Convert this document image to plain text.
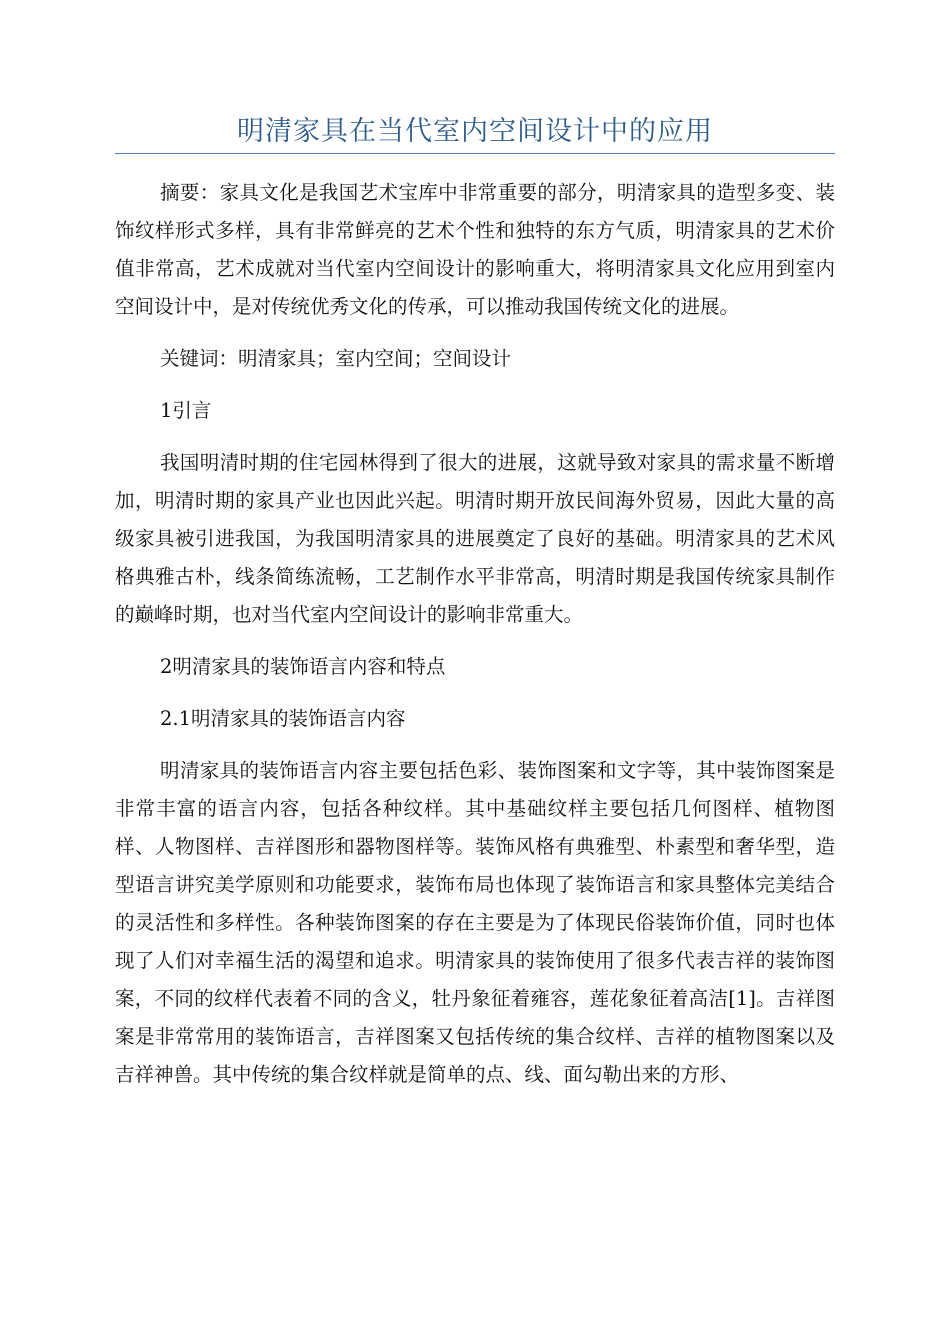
明清家具在当代室内空间设计中的应用

摘要：家具文化是我国艺术宝库中非常重要的部分，明清家具的造型多变、装饰纹样形式多样，具有非常鲜亮的艺术个性和独特的东方气质，明清家具的艺术价值非常高，艺术成就对当代室内空间设计的影响重大，将明清家具文化应用到室内空间设计中，是对传统优秀文化的传承，可以推动我国传统文化的进展。

关键词：明清家具；室内空间；空间设计

1引言

我国明清时期的住宅园林得到了很大的进展，这就导致对家具的需求量不断增加，明清时期的家具产业也因此兴起。明清时期开放民间海外贸易，因此大量的高级家具被引进我国，为我国明清家具的进展奠定了良好的基础。明清家具的艺术风格典雅古朴，线条简练流畅，工艺制作水平非常高，明清时期是我国传统家具制作的巅峰时期，也对当代室内空间设计的影响非常重大。

2明清家具的装饰语言内容和特点

2.1明清家具的装饰语言内容

明清家具的装饰语言内容主要包括色彩、装饰图案和文字等，其中装饰图案是非常丰富的语言内容，包括各种纹样。其中基础纹样主要包括几何图样、植物图样、人物图样、吉祥图形和器物图样等。装饰风格有典雅型、朴素型和奢华型，造型语言讲究美学原则和功能要求，装饰布局也体现了装饰语言和家具整体完美结合的灵活性和多样性。各种装饰图案的存在主要是为了体现民俗装饰价值，同时也体现了人们对幸福生活的渴望和追求。明清家具的装饰使用了很多代表吉祥的装饰图案，不同的纹样代表着不同的含义，牡丹象征着雍容，莲花象征着高洁[1]。吉祥图案是非常常用的装饰语言，吉祥图案又包括传统的集合纹样、吉祥的植物图案以及吉祥神兽。其中传统的集合纹样就是简单的点、线、面勾勒出来的方形、
